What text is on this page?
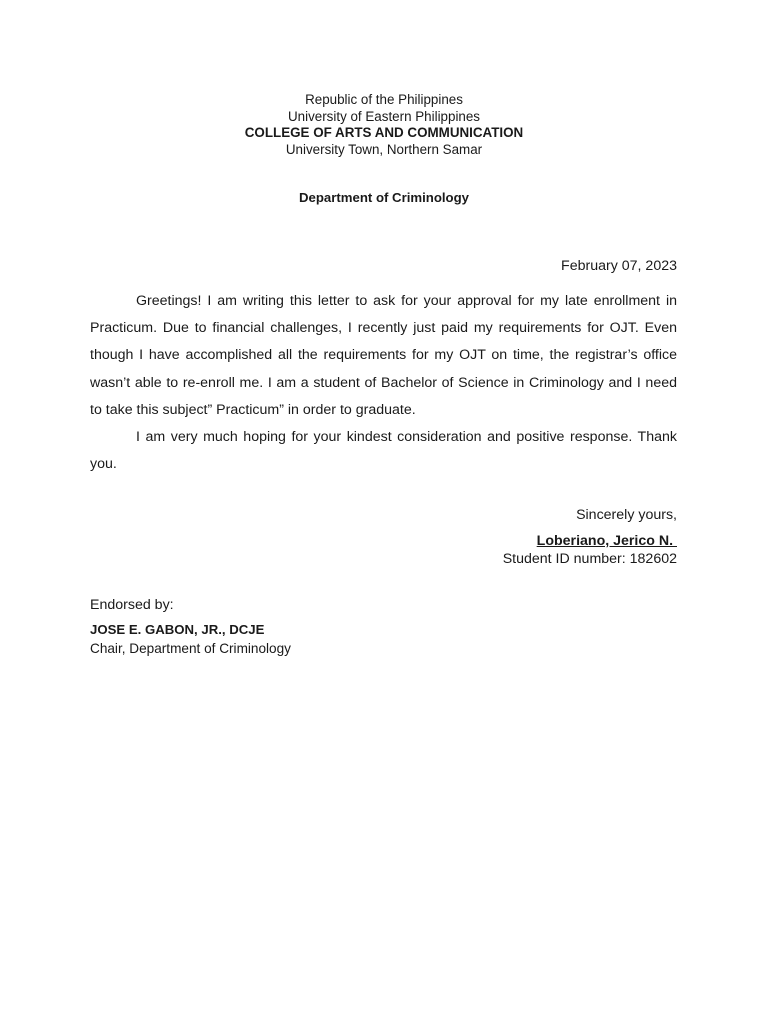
Republic of the Philippines
University of Eastern Philippines
COLLEGE OF ARTS AND COMMUNICATION
University Town, Northern Samar
Department of Criminology
February 07, 2023

Greetings! I am writing this letter to ask for your approval for my late enrollment in Practicum. Due to financial challenges, I recently just paid my requirements for OJT. Even though I have accomplished all the requirements for my OJT on time, the registrar’s office wasn’t able to re-enroll me. I am a student of Bachelor of Science in Criminology and I need to take this subject” Practicum” in order to graduate.

I am very much hoping for your kindest consideration and positive response. Thank you.

Sincerely yours,
Loberiano, Jerico N.
Student ID number: 182602
Endorsed by:
JOSE E. GABON, JR., DCJE
Chair, Department of Criminology
